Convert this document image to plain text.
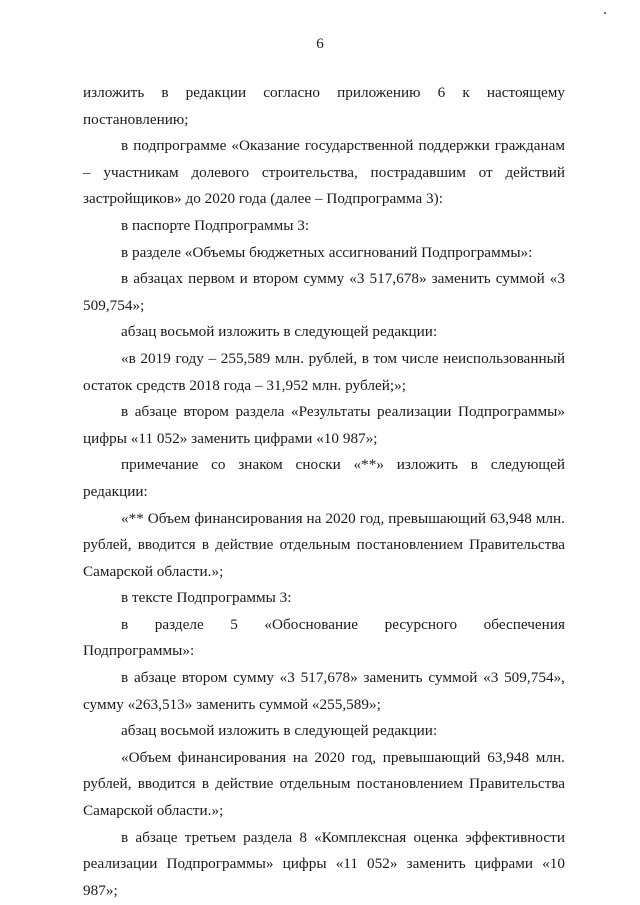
6

изложить в редакции согласно приложению 6 к настоящему постановлению;

в подпрограмме «Оказание государственной поддержки гражданам – участникам долевого строительства, пострадавшим от действий застройщиков» до 2020 года (далее – Подпрограмма 3):

в паспорте Подпрограммы 3:

в разделе «Объемы бюджетных ассигнований Подпрограммы»:

в абзацах первом и втором сумму «3 517,678» заменить суммой «3 509,754»;

абзац восьмой изложить в следующей редакции:

«в 2019 году – 255,589 млн. рублей, в том числе неиспользованный остаток средств 2018 года – 31,952 млн. рублей;»;

в абзаце втором раздела «Результаты реализации Подпрограммы» цифры «11 052» заменить цифрами «10 987»;

примечание со знаком сноски «**» изложить в следующей редакции:

«** Объем финансирования на 2020 год, превышающий 63,948 млн. рублей, вводится в действие отдельным постановлением Правительства Самарской области.»;

в тексте Подпрограммы 3:

в разделе 5 «Обоснование ресурсного обеспечения Подпрограммы»:

в абзаце втором сумму «3 517,678» заменить суммой «3 509,754», сумму «263,513» заменить суммой «255,589»;

абзац восьмой изложить в следующей редакции:

«Объем финансирования на 2020 год, превышающий 63,948 млн. рублей, вводится в действие отдельным постановлением Правительства Самарской области.»;

в абзаце третьем раздела 8 «Комплексная оценка эффективности реализации Подпрограммы» цифры «11 052» заменить цифрами «10 987»;
